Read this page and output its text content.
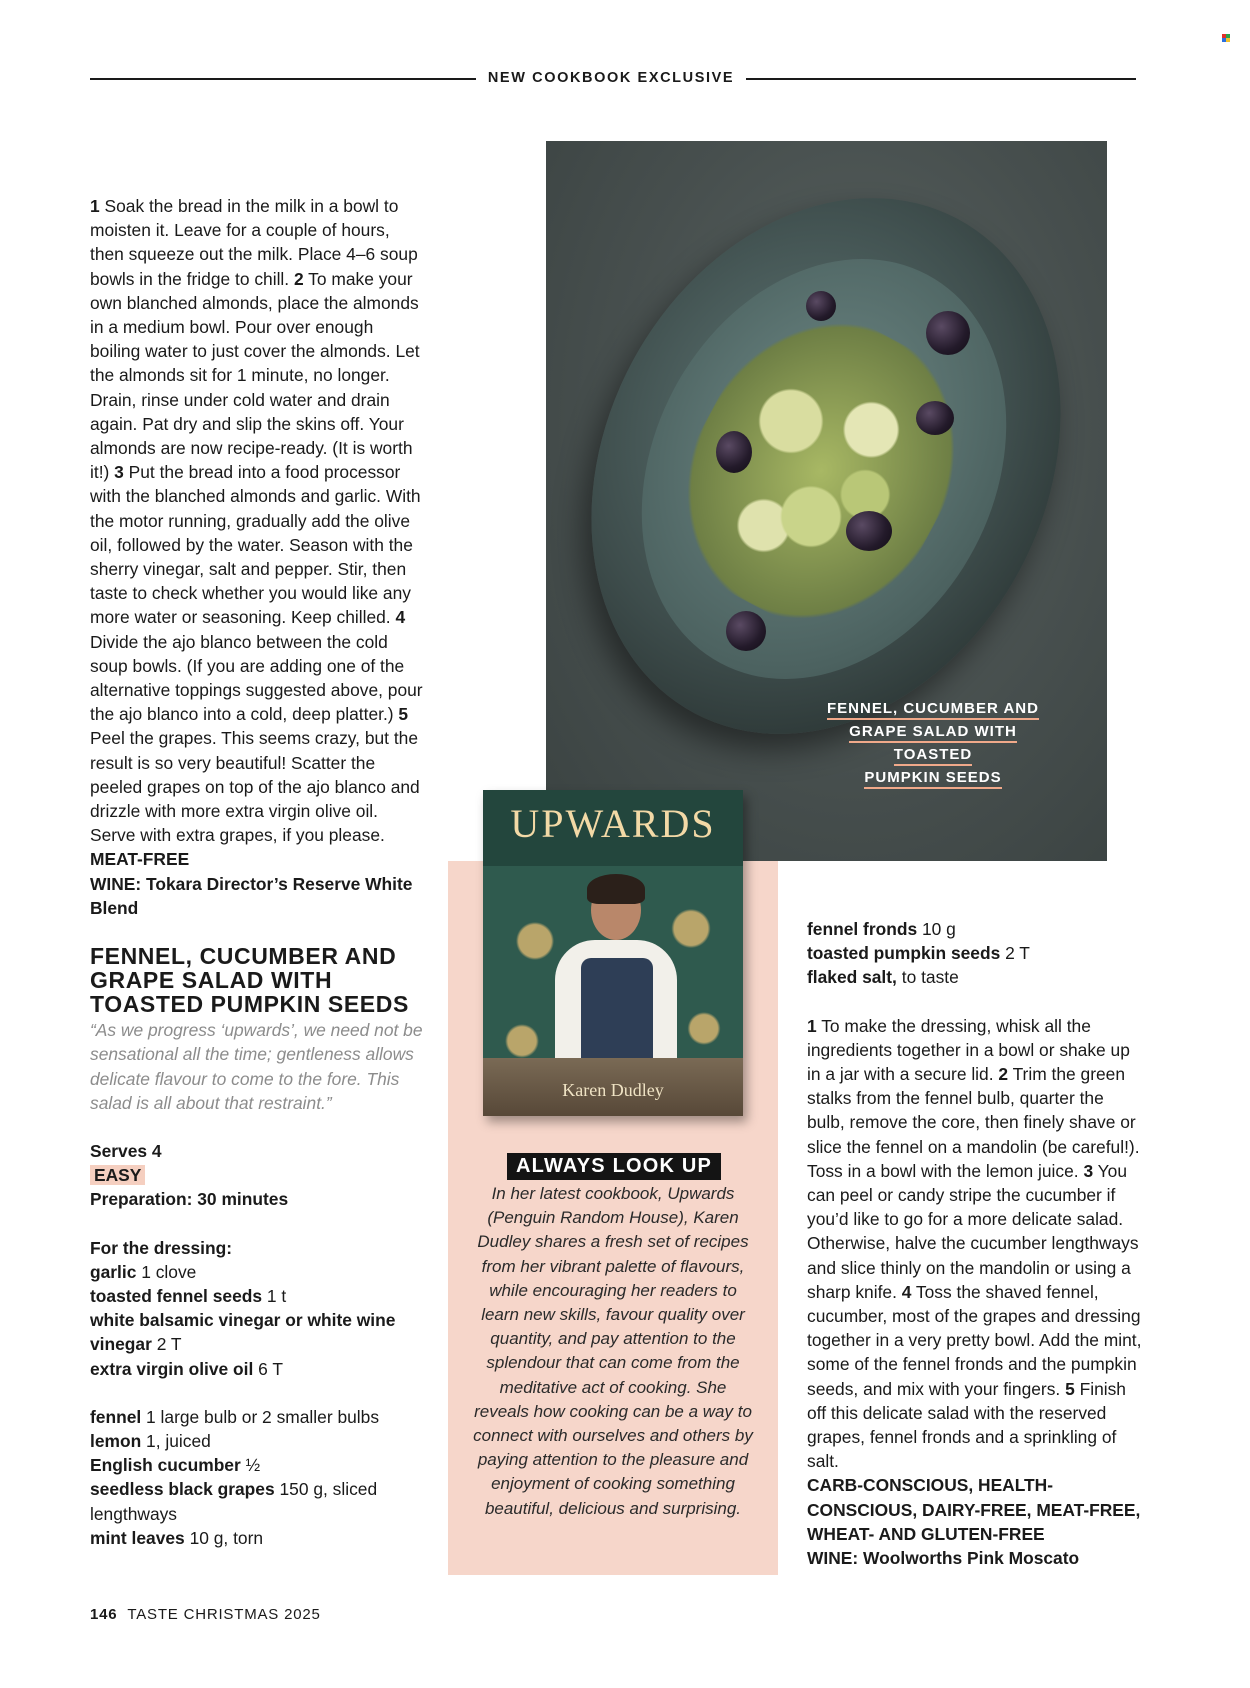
NEW COOKBOOK EXCLUSIVE

1 Soak the bread in the milk in a bowl to moisten it. Leave for a couple of hours, then squeeze out the milk. Place 4–6 soup bowls in the fridge to chill. 2 To make your own blanched almonds, place the almonds in a medium bowl. Pour over enough boiling water to just cover the almonds. Let the almonds sit for 1 minute, no longer. Drain, rinse under cold water and drain again. Pat dry and slip the skins off. Your almonds are now recipe-ready. (It is worth it!) 3 Put the bread into a food processor with the blanched almonds and garlic. With the motor running, gradually add the olive oil, followed by the water. Season with the sherry vinegar, salt and pepper. Stir, then taste to check whether you would like any more water or seasoning. Keep chilled. 4 Divide the ajo blanco between the cold soup bowls. (If you are adding one of the alternative toppings suggested above, pour the ajo blanco into a cold, deep platter.) 5 Peel the grapes. This seems crazy, but the result is so very beautiful! Scatter the peeled grapes on top of the ajo blanco and drizzle with more extra virgin olive oil. Serve with extra grapes, if you please.

MEAT-FREE

WINE: Tokara Director’s Reserve White Blend

FENNEL, CUCUMBER AND GRAPE SALAD WITH TOASTED PUMPKIN SEEDS

“As we progress ‘upwards’, we need not be sensational all the time; gentleness allows delicate flavour to come to the fore. This salad is all about that restraint.”

Serves 4

EASY

Preparation: 30 minutes

For the dressing:

garlic 1 clove

toasted fennel seeds 1 t

white balsamic vinegar or white wine vinegar 2 T

extra virgin olive oil 6 T

fennel 1 large bulb or 2 smaller bulbs

lemon 1, juiced

English cucumber ½

seedless black grapes 150 g, sliced lengthways

mint leaves 10 g, torn

FENNEL, CUCUMBER AND
GRAPE SALAD WITH TOASTED
PUMPKIN SEEDS
UPWARDS
Karen Dudley
ALWAYS LOOK UP
In her latest cookbook, Upwards (Penguin Random House), Karen Dudley shares a fresh set of recipes from her vibrant palette of flavours, while encouraging her readers to learn new skills, favour quality over quantity, and pay attention to the splendour that can come from the meditative act of cooking. She reveals how cooking can be a way to connect with ourselves and others by paying attention to the pleasure and enjoyment of cooking something beautiful, delicious and surprising.

fennel fronds 10 g

toasted pumpkin seeds 2 T

flaked salt, to taste

1 To make the dressing, whisk all the ingredients together in a bowl or shake up in a jar with a secure lid. 2 Trim the green stalks from the fennel bulb, quarter the bulb, remove the core, then finely shave or slice the fennel on a mandolin (be careful!). Toss in a bowl with the lemon juice. 3 You can peel or candy stripe the cucumber if you’d like to go for a more delicate salad. Otherwise, halve the cucumber lengthways and slice thinly on the mandolin or using a sharp knife. 4 Toss the shaved fennel, cucumber, most of the grapes and dressing together in a very pretty bowl. Add the mint, some of the fennel fronds and the pumpkin seeds, and mix with your fingers. 5 Finish off this delicate salad with the reserved grapes, fennel fronds and a sprinkling of salt.

CARB-CONSCIOUS, HEALTH-CONSCIOUS, DAIRY-FREE, MEAT-FREE, WHEAT- AND GLUTEN-FREE

WINE: Woolworths Pink Moscato

146 TASTE CHRISTMAS 2025
